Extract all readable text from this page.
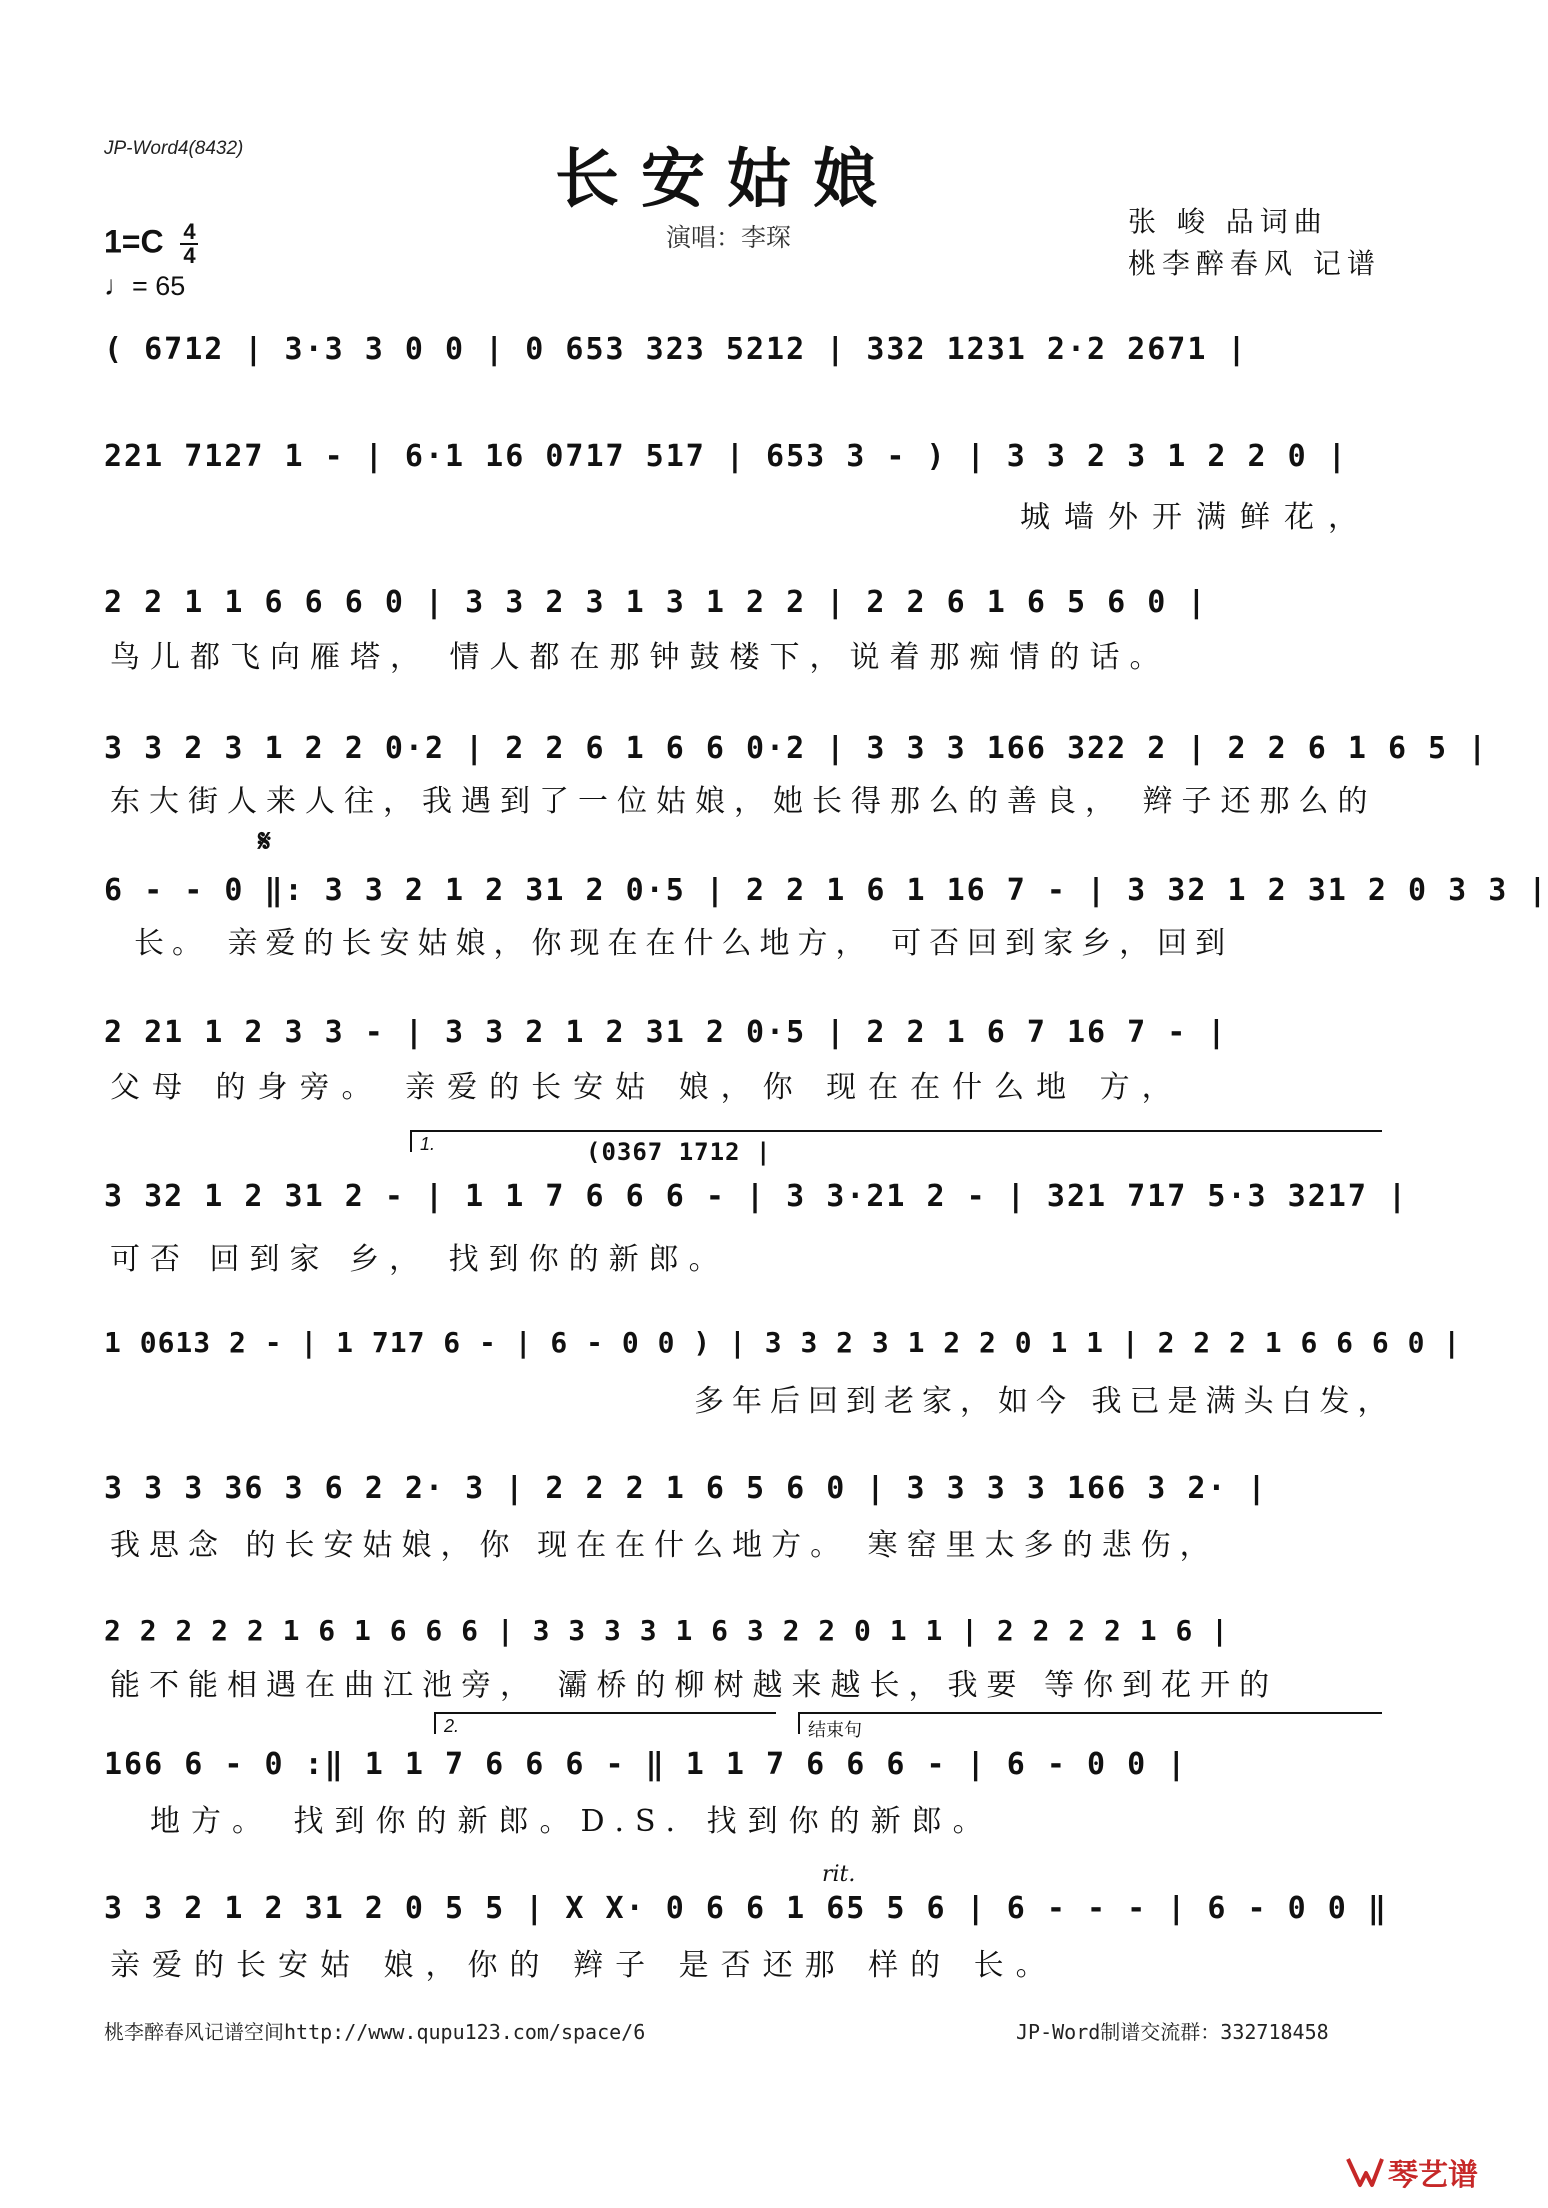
JP-Word4(8432)	长安姑娘
演唱：李琛	张 峻 品词曲
桃李醉春风 记谱
$1=C \frac{4}{4}$
♩= 65
( 6712 | 3·3 3 0 0 | 0 653 323 5212 | 332 1231 2·2 2671 |
221 7127 1 - | 6·1 16 0717 517 | 653 3 - ) | 3 3 2 3 1 2 2 0 |
城墙外开满鲜花，
2 2 1 1 6 6 6 0 | 3 3 2 3 1 3 1 2 2 | 2 2 6 1 6 5 6 0 |
鸟儿都飞向雁塔， 情人都在那钟鼓楼下，说着那痴情的话。
3 3 2 3 1 2 2 0·2 | 2 2 6 1 6 6 0·2 | 3 3 3 166 322 2 | 2 2 6 1 6 5 |
东大街人来人往，我遇到了一位姑娘，她长得那么的善良， 辫子还那么的
𝄋
6 - - 0 ‖: 3 3 2 1 2 31 2 0·5 | 2 2 1 6 1 16 7 - | 3 32 1 2 31 2 0 3 3 |
长。 亲爱的长安姑娘，你现在在什么地方， 可否回到家乡，回到
2 21 1 2 3 3 - | 3 3 2 1 2 31 2 0·5 | 2 2 1 6 7 16 7 - |
父母 的身旁。 亲爱的长安姑 娘，你 现在在什么地 方，
1.	(0367 1712 |
3 32 1 2 31 2 - | 1 1 7 6 6 6 - | 3 3·21 2 - | 321 717 5·3 3217 |
可否 回到家 乡， 找到你的新郎。
1 0613 2 - | 1 717 6 - | 6 - 0 0 ) | 3 3 2 3 1 2 2 0 1 1 | 2 2 2 1 6 6 6 0 |
多年后回到老家，如今 我已是满头白发，
3 3 3 36 3 6 2 2· 3 | 2 2 2 1 6 5 6 0 | 3 3 3 3 166 3 2· |
我思念 的长安姑娘，你 现在在什么地方。 寒窑里太多的悲伤，
2 2 2 2 2 1 6 1 6 6 6 | 3 3 3 3 1 6 3 2 2 0 1 1 | 2 2 2 2 1 6 |
能不能相遇在曲江池旁， 灞桥的柳树越来越长，我要 等你到花开的
2.	结束句
166 6 - 0 :‖ 1 1 7 6 6 6 - ‖ 1 1 7 6 6 6 - | 6 - 0 0 |
地方。 找到你的新郎。D.S. 找到你的新郎。
rit.
3 3 2 1 2 31 2 0 5 5 | X X· 0 6 6 1 65 5 6 | 6 - - - | 6 - 0 0 ‖
亲爱的长安姑 娘，你的 辫子 是否还那 样的 长。
桃李醉春风记谱空间http://www.qupu123.com/space/6	JP-Word制谱交流群：332718458
琴艺谱
